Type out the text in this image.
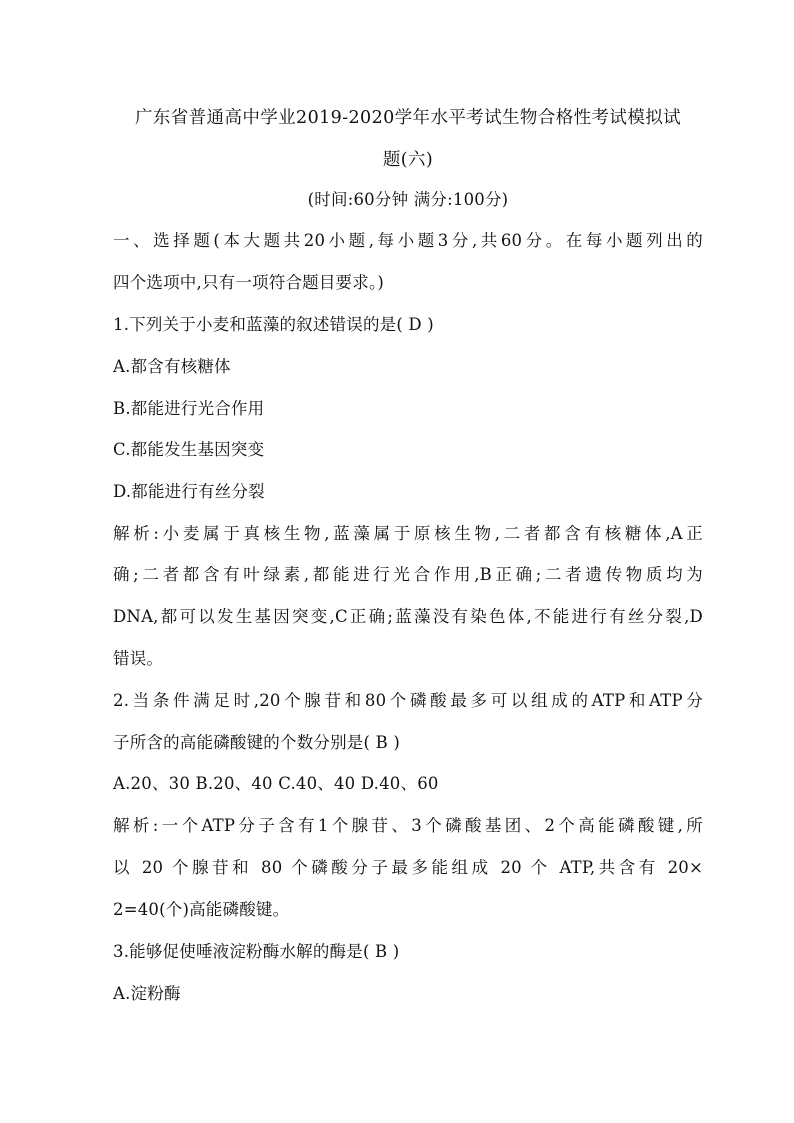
广东省普通高中学业2019-2020学年水平考试生物合格性考试模拟试
题(六)
(时间:60分钟 满分:100分)
一、选择题(本大题共20小题,每小题3分,共60分。在每小题列出的
四个选项中,只有一项符合题目要求。)
1.下列关于小麦和蓝藻的叙述错误的是( D )
A.都含有核糖体
B.都能进行光合作用
C.都能发生基因突变
D.都能进行有丝分裂
解析:小麦属于真核生物,蓝藻属于原核生物,二者都含有核糖体,A正
确;二者都含有叶绿素,都能进行光合作用,B正确;二者遗传物质均为
DNA,都可以发生基因突变,C正确;蓝藻没有染色体,不能进行有丝分裂,D
错误。
2.当条件满足时,20个腺苷和80个磷酸最多可以组成的ATP和ATP分
子所含的高能磷酸键的个数分别是( B )
A.20、30 B.20、40 C.40、40 D.40、60
解析:一个ATP分子含有1个腺苷、3个磷酸基团、2个高能磷酸键,所
以 20 个腺苷和 80 个磷酸分子最多能组成 20 个 ATP,共含有 20×
2=40(个)高能磷酸键。
3.能够促使唾液淀粉酶水解的酶是( B )
A.淀粉酶
